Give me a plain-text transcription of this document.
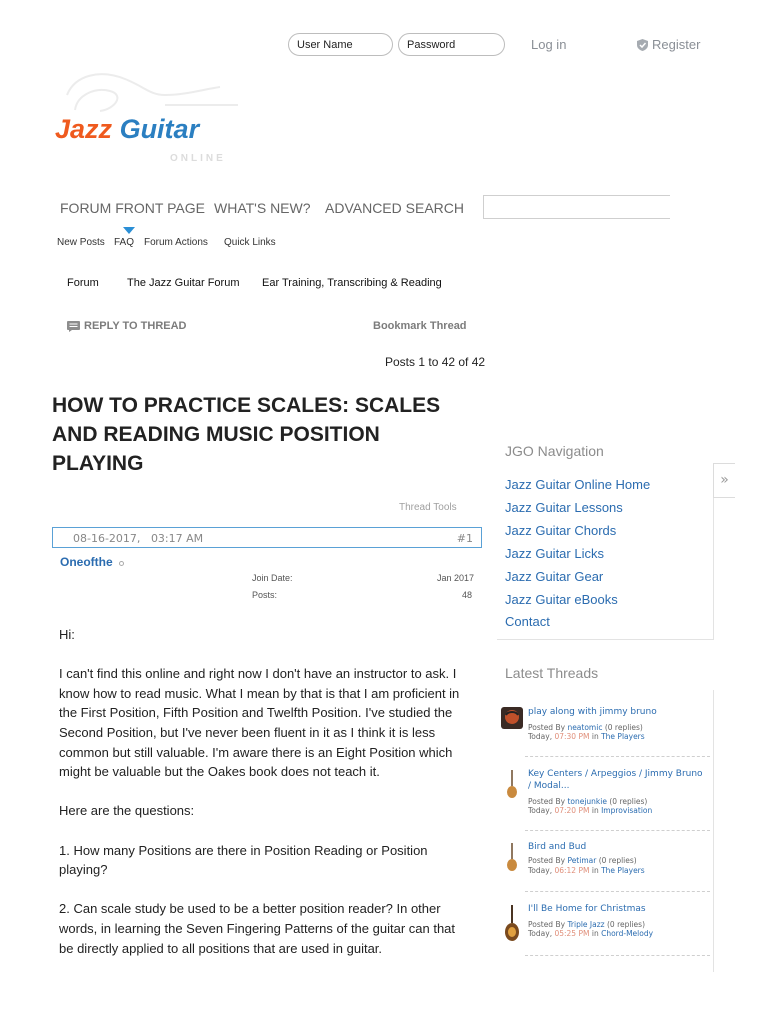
User Name
Password
Log in	Register
Jazz Guitar
ONLINE
FORUM FRONT PAGE WHAT'S NEW? ADVANCED SEARCH
New Posts FAQ Forum Actions Quick Links
Forum	The Jazz Guitar Forum Ear Training, Transcribing & Reading
REPLY TO THREAD	Bookmark Thread
Posts 1 to 42 of 42
HOW TO PRACTICE SCALES: SCALES AND READING MUSIC POSITION PLAYING
Thread Tools
08-16-2017, 03:17 AM	#1
Oneofthe
Join Date:	Jan 2017
Posts:	48

Hi:

I can't find this online and right now I don't have an instructor to ask. I know how to read music. What I mean by that is that I am proficient in the First Position, Fifth Position and Twelfth Position. I've studied the Second Position, but I've never been fluent in it as I think it is less common but still valuable. I'm aware there is an Eight Position which might be valuable but the Oakes book does not teach it.

Here are the questions:

1. How many Positions are there in Position Reading or Position playing?

2. Can scale study be used to be a better position reader? In other words, in learning the Seven Fingering Patterns of the guitar can that be directly applied to all positions that are used in guitar.

JGO Navigation
Jazz Guitar Online Home
Jazz Guitar Lessons
Jazz Guitar Chords
Jazz Guitar Licks
Jazz Guitar Gear
Jazz Guitar eBooks
Contact
»
Latest Threads
play along with jimmy bruno
Posted By neatomic (0 replies)
Today, 07:30 PM in The Players
Key Centers / Arpeggios / Jimmy Bruno / Modal...
Posted By tonejunkie (0 replies)
Today, 07:20 PM in Improvisation
Bird and Bud
Posted By Petimar (0 replies)
Today, 06:12 PM in The Players
I'll Be Home for Christmas
Posted By Triple Jazz (0 replies)
Today, 05:25 PM in Chord-Melody
